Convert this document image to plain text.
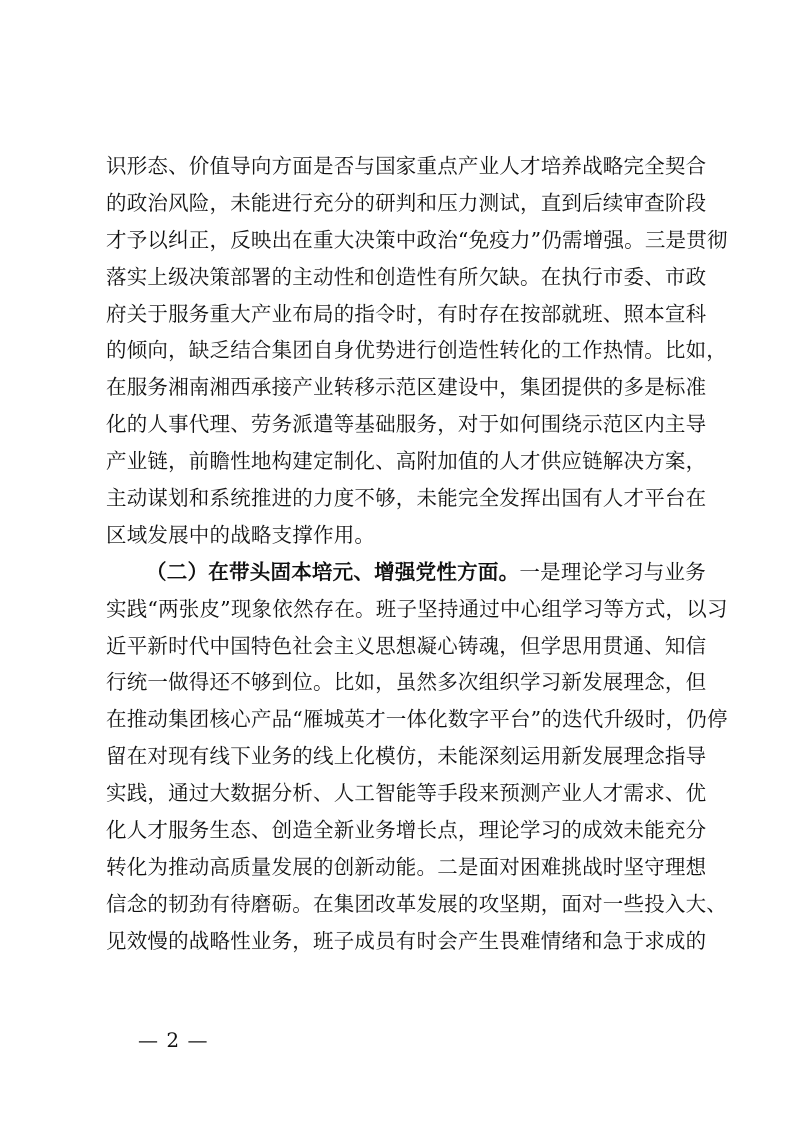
识形态、价值导向方面是否与国家重点产业人才培养战略完全契合
的政治风险，未能进行充分的研判和压力测试，直到后续审查阶段
才予以纠正，反映出在重大决策中政治“免疫力”仍需增强。三是贯彻
落实上级决策部署的主动性和创造性有所欠缺。在执行市委、市政
府关于服务重大产业布局的指令时，有时存在按部就班、照本宣科
的倾向，缺乏结合集团自身优势进行创造性转化的工作热情。比如，
在服务湘南湘西承接产业转移示范区建设中，集团提供的多是标准
化的人事代理、劳务派遣等基础服务，对于如何围绕示范区内主导
产业链，前瞻性地构建定制化、高附加值的人才供应链解决方案，
主动谋划和系统推进的力度不够，未能完全发挥出国有人才平台在
区域发展中的战略支撑作用。
（二）在带头固本培元、增强党性方面。一是理论学习与业务
实践“两张皮”现象依然存在。班子坚持通过中心组学习等方式，以习
近平新时代中国特色社会主义思想凝心铸魂，但学思用贯通、知信
行统一做得还不够到位。比如，虽然多次组织学习新发展理念，但
在推动集团核心产品“雁城英才一体化数字平台”的迭代升级时，仍停
留在对现有线下业务的线上化模仿，未能深刻运用新发展理念指导
实践，通过大数据分析、人工智能等手段来预测产业人才需求、优
化人才服务生态、创造全新业务增长点，理论学习的成效未能充分
转化为推动高质量发展的创新动能。二是面对困难挑战时坚守理想
信念的韧劲有待磨砺。在集团改革发展的攻坚期，面对一些投入大、
见效慢的战略性业务，班子成员有时会产生畏难情绪和急于求成的
— 2 —
